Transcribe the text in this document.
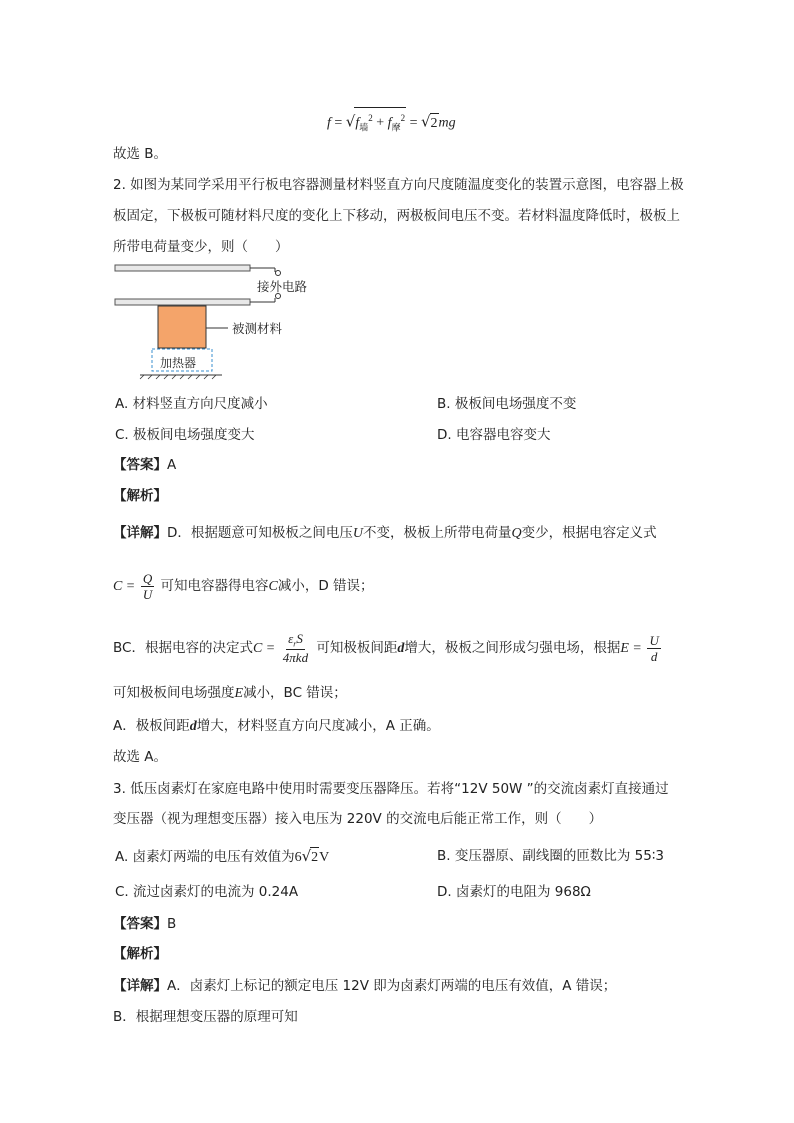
$f = √f_墙^2 + f_摩^2 = √2mg$
故选 B。
2. 如图为某同学采用平行板电容器测量材料竖直方向尺度随温度变化的装置示意图，电容器上极
板固定，下极板可随材料尺度的变化上下移动，两极板间电压不变。若材料温度降低时，极板上
所带电荷量变少，则（　　）
接外电路
被测材料
加热器
A. 材料竖直方向尺度减小	B. 极板间电场强度不变
C. 极板间电场强度变大	D. 电容器电容变大
【答案】A
【解析】
【详解】D．根据题意可知极板之间电压U不变，极板上所带电荷量Q变少，根据电容定义式
$C = \frac{Q}{U}$ 可知电容器得电容C减小，D 错误；
BC．根据电容的决定式$C = \frac{\varepsilon_rS}{\text{4πkd}}$ 可知极板间距d增大，极板之间形成匀强电场，根据$E = \frac{U}{d}$
可知极板间电场强度E减小，BC 错误；
A．极板间距d增大，材料竖直方向尺度减小，A 正确。
故选 A。
3. 低压卤素灯在家庭电路中使用时需要变压器降压。若将“12V 50W ”的交流卤素灯直接通过
变压器（视为理想变压器）接入电压为 220V 的交流电后能正常工作，则（　　）
A. 卤素灯两端的电压有效值为6√2V	B. 变压器原、副线圈的匝数比为 55∶3
C. 流过卤素灯的电流为 0.24A	D. 卤素灯的电阻为 968Ω
【答案】B
【解析】
【详解】A．卤素灯上标记的额定电压 12V 即为卤素灯两端的电压有效值，A 错误；
B．根据理想变压器的原理可知
